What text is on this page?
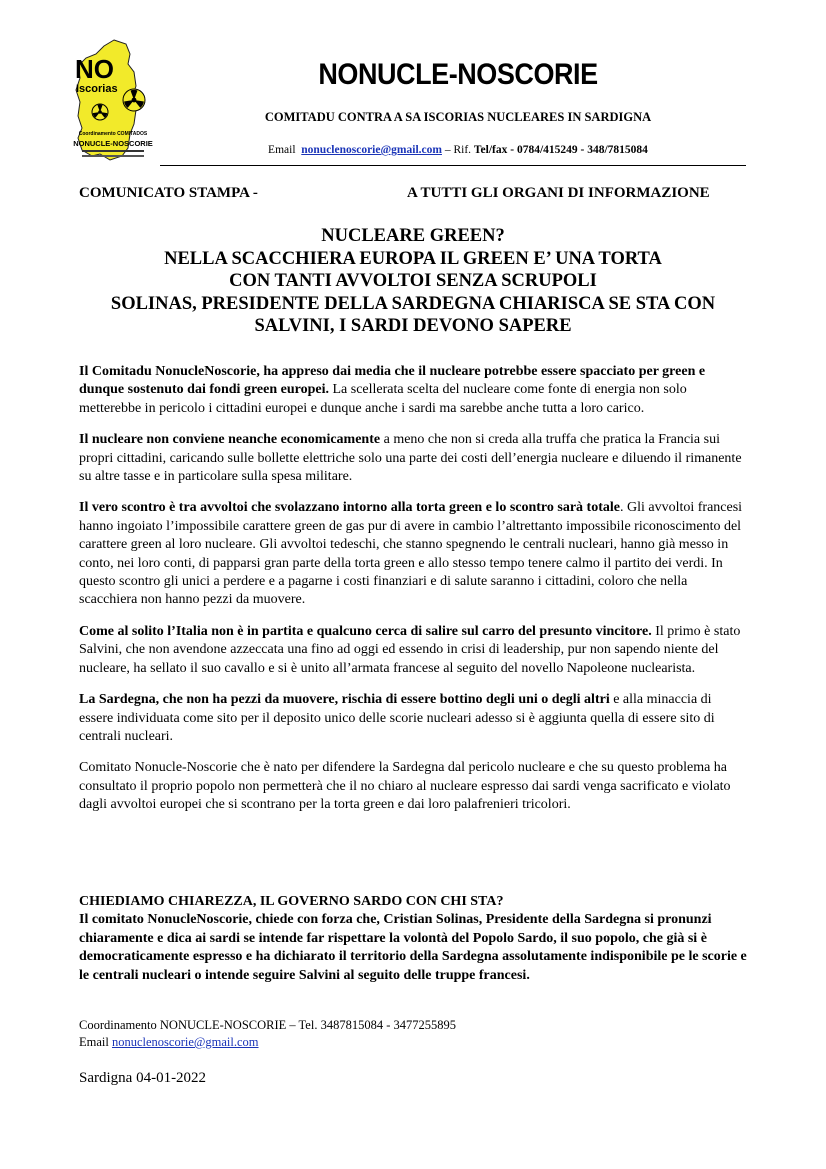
NO
Iscorias
Coordinamento COMITADOS
NONUCLE-NOSCORIE
NONUCLE-NOSCORIE
COMITADU CONTRA A SA ISCORIAS NUCLEARES IN SARDIGNA
Email nonuclenoscorie@gmail.com – Rif. Tel/fax - 0784/415249 - 348/7815084
COMUNICATO STAMPA -	A TUTTI GLI ORGANI DI INFORMAZIONE
NUCLEARE GREEN?
NELLA SCACCHIERA EUROPA IL GREEN E’ UNA TORTA
CON TANTI AVVOLTOI SENZA SCRUPOLI
SOLINAS, PRESIDENTE DELLA SARDEGNA CHIARISCA SE STA CON
SALVINI, I SARDI DEVONO SAPERE

Il Comitadu NonucleNoscorie, ha appreso dai media che il nucleare potrebbe essere spacciato per green e dunque sostenuto dai fondi green europei. La scellerata scelta del nucleare come fonte di energia non solo metterebbe in pericolo i cittadini europei e dunque anche i sardi ma sarebbe anche tutta a loro carico.

Il nucleare non conviene neanche economicamente a meno che non si creda alla truffa che pratica la Francia sui propri cittadini, caricando sulle bollette elettriche solo una parte dei costi dell’energia nucleare e diluendo il rimanente su altre tasse e in particolare sulla spesa militare.

Il vero scontro è tra avvoltoi che svolazzano intorno alla torta green e lo scontro sarà totale. Gli avvoltoi francesi hanno ingoiato l’impossibile carattere green de gas pur di avere in cambio l’altrettanto impossibile riconoscimento del carattere green al loro nucleare. Gli avvoltoi tedeschi, che stanno spegnendo le centrali nucleari, hanno già messo in conto, nei loro conti, di papparsi gran parte della torta green e allo stesso tempo tenere calmo il partito dei verdi. In questo scontro gli unici a perdere e a pagarne i costi finanziari e di salute saranno i cittadini, coloro che nella scacchiera non hanno pezzi da muovere.

Come al solito l’Italia non è in partita e qualcuno cerca di salire sul carro del presunto vincitore. Il primo è stato Salvini, che non avendone azzeccata una fino ad oggi ed essendo in crisi di leadership, pur non sapendo niente del nucleare, ha sellato il suo cavallo e si è unito all’armata francese al seguito del novello Napoleone nuclearista.

La Sardegna, che non ha pezzi da muovere, rischia di essere bottino degli uni o degli altri e alla minaccia di essere individuata come sito per il deposito unico delle scorie nucleari adesso si è aggiunta quella di essere sito di centrali nucleari.

Comitato Nonucle-Noscorie che è nato per difendere la Sardegna dal pericolo nucleare e che su questo problema ha consultato il proprio popolo non permetterà che il no chiaro al nucleare espresso dai sardi venga sacrificato e violato dagli avvoltoi europei che si scontrano per la torta green e dai loro palafrenieri tricolori.

CHIEDIAMO CHIAREZZA, IL GOVERNO SARDO CON CHI STA?

Il comitato NonucleNoscorie, chiede con forza che, Cristian Solinas, Presidente della Sardegna si pronunzi chiaramente e dica ai sardi se intende far rispettare la volontà del Popolo Sardo, il suo popolo, che già si è democraticamente espresso e ha dichiarato il territorio della Sardegna assolutamente indisponibile pe le scorie e le centrali nucleari o intende seguire Salvini al seguito delle truppe francesi.

Coordinamento NONUCLE-NOSCORIE – Tel. 3487815084 - 3477255895
Email nonuclenoscorie@gmail.com
Sardigna 04-01-2022
